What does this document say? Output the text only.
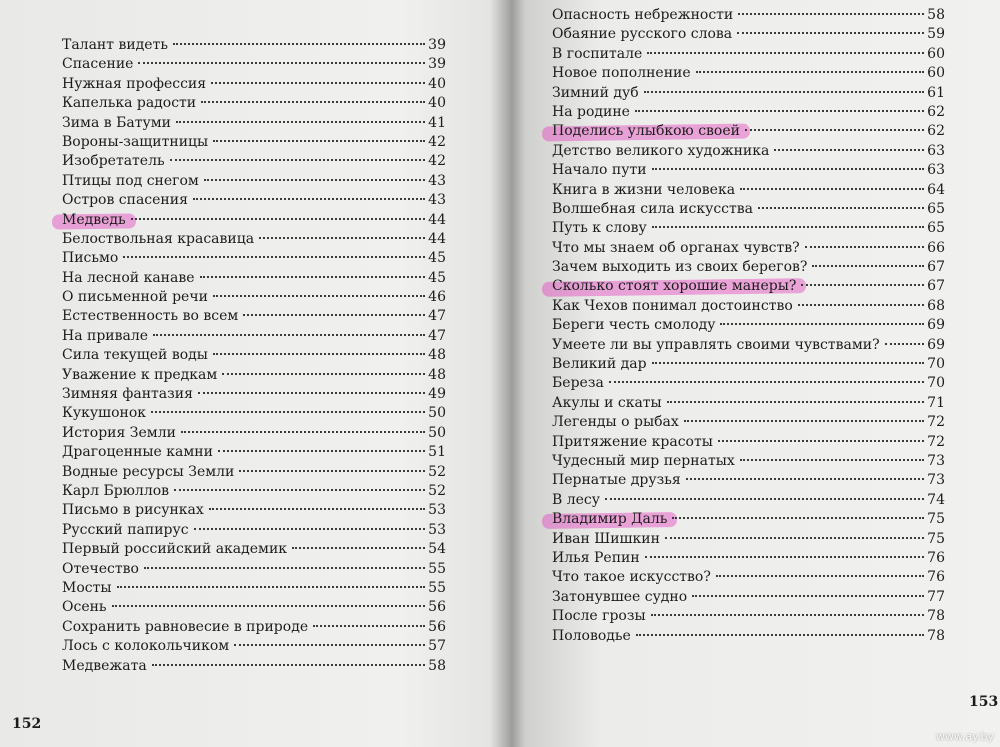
Талант видеть	39
Спасение	39
Нужная профессия	40
Капелька радости	40
Зима в Батуми	41
Вороны-защитницы	42
Изобретатель	42
Птицы под снегом	43
Остров спасения	43
Медведь	44
Белоствольная красавица	44
Письмо	45
На лесной канаве	45
О письменной речи	46
Естественность во всем	47
На привале	47
Сила текущей воды	48
Уважение к предкам	48
Зимняя фантазия	49
Кукушонок	50
История Земли	50
Драгоценные камни	51
Водные ресурсы Земли	52
Карл Брюллов	52
Письмо в рисунках	53
Русский папирус	53
Первый российский академик	54
Отечество	55
Мосты	55
Осень	56
Сохранить равновесие в природе	56
Лось с колокольчиком	57
Медвежата	58
152
Опасность небрежности	58
Обаяние русского слова	59
В госпитале	60
Новое пополнение	60
Зимний дуб	61
На родине	62
Поделись улыбкою своей	62
Детство великого художника	63
Начало пути	63
Книга в жизни человека	64
Волшебная сила искусства	65
Путь к слову	65
Что мы знаем об органах чувств?	66
Зачем выходить из своих берегов?	67
Сколько стоят хорошие манеры?	67
Как Чехов понимал достоинство	68
Береги честь смолоду	69
Умеете ли вы управлять своими чувствами?	69
Великий дар	70
Береза	70
Акулы и скаты	71
Легенды о рыбах	72
Притяжение красоты	72
Чудесный мир пернатых	73
Пернатые друзья	73
В лесу	74
Владимир Даль	75
Иван Шишкин	75
Илья Репин	76
Что такое искусство?	76
Затонувшее судно	77
После грозы	78
Половодье	78
153
www.ay.by
